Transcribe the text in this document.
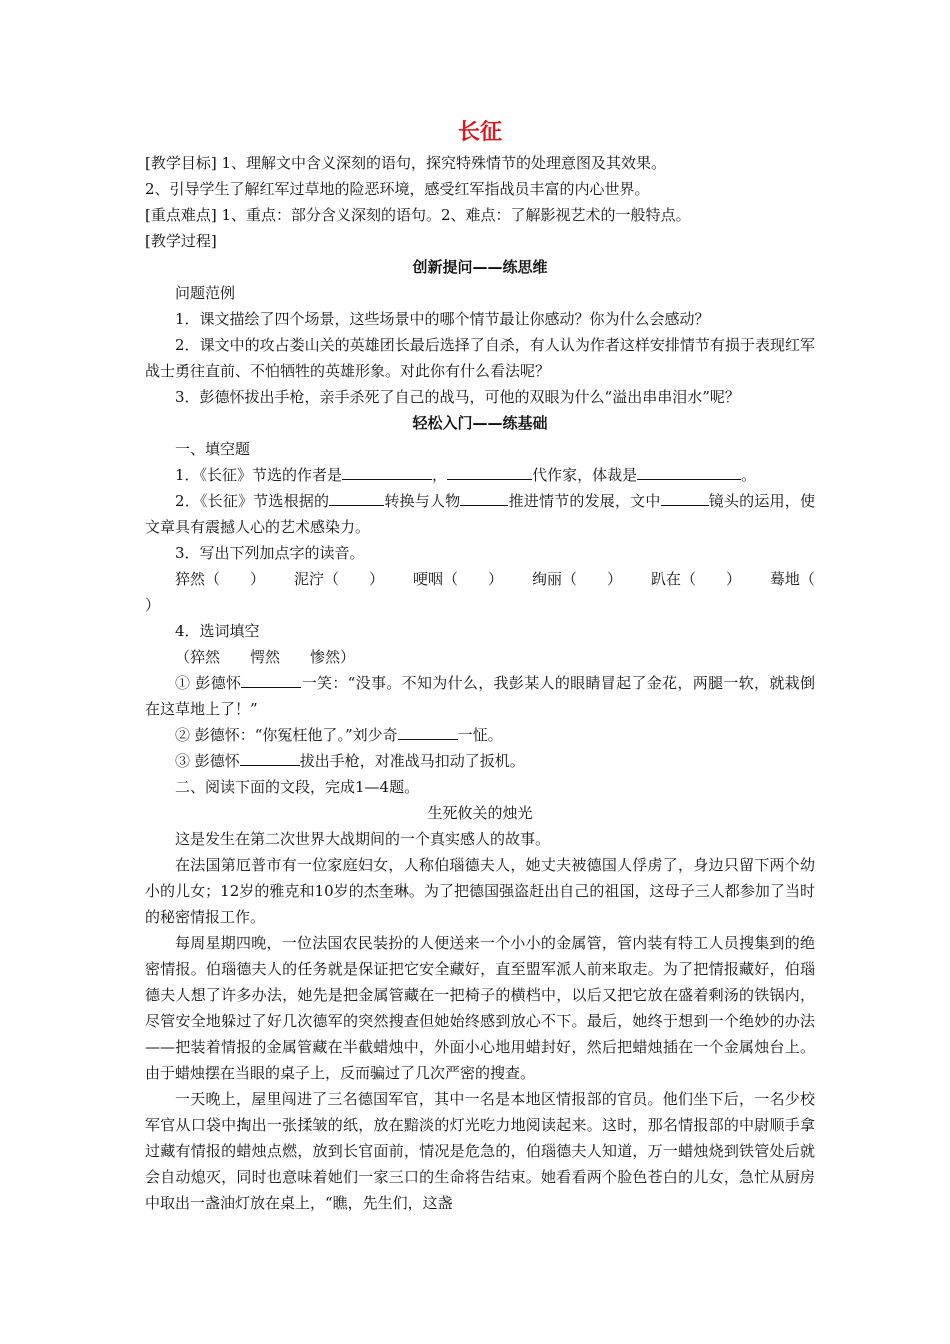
长征
[教学目标] 1、理解文中含义深刻的语句，探究特殊情节的处理意图及其效果。
2、引导学生了解红军过草地的险恶环境，感受红军指战员丰富的内心世界。
[重点难点] 1、重点：部分含义深刻的语句。2、难点：了解影视艺术的一般特点。
[教学过程]
创新提问——练思维
问题范例
1．课文描绘了四个场景，这些场景中的哪个情节最让你感动？你为什么会感动？
2．课文中的攻占娄山关的英雄团长最后选择了自杀，有人认为作者这样安排情节有损于表现红军战士勇往直前、不怕牺牲的英雄形象。对此你有什么看法呢？
3．彭德怀拔出手枪，亲手杀死了自己的战马，可他的双眼为什么“溢出串串泪水”呢？
轻松入门——练基础
一、填空题
1．《长征》节选的作者是	，	代作家，体裁是	。
2．《长征》节选根据的	转换与人物	推进情节的发展，文中	镜头的运用，使文章具有震撼人心的艺术感染力。
3．写出下列加点字的读音。
猝然（　　） 泥泞（　　） 哽咽（　　） 绚丽（　　） 趴在（　　） 蓦地（
）
4．选词填空
（猝然　　愕然　　惨然）
① 彭德怀	一笑：“没事。不知为什么，我彭某人的眼睛冒起了金花，两腿一软，就栽倒在这草地上了！”
② 彭德怀：“你冤枉他了。”刘少奇	一怔。
③ 彭德怀	拔出手枪，对准战马扣动了扳机。
二、阅读下面的文段，完成1—4题。
生死攸关的烛光
这是发生在第二次世界大战期间的一个真实感人的故事。
在法国第厄普市有一位家庭妇女，人称伯瑙德夫人，她丈夫被德国人俘虏了，身边只留下两个幼小的儿女；12岁的雅克和10岁的杰奎琳。为了把德国强盗赶出自己的祖国，这母子三人都参加了当时的秘密情报工作。
每周星期四晚，一位法国农民装扮的人便送来一个小小的金属管，管内装有特工人员搜集到的绝密情报。伯瑙德夫人的任务就是保证把它安全藏好，直至盟军派人前来取走。为了把情报藏好，伯瑙德夫人想了许多办法，她先是把金属管藏在一把椅子的横档中，以后又把它放在盛着剩汤的铁锅内，尽管安全地躲过了好几次德军的突然搜查但她始终感到放心不下。最后，她终于想到一个绝妙的办法——把装着情报的金属管藏在半截蜡烛中，外面小心地用蜡封好，然后把蜡烛插在一个金属烛台上。由于蜡烛摆在当眼的桌子上，反而骗过了几次严密的搜查。
一天晚上，屋里闯进了三名德国军官，其中一名是本地区情报部的官员。他们坐下后，一名少校军官从口袋中掏出一张揉皱的纸，放在黯淡的灯光吃力地阅读起来。这时，那名情报部的中尉顺手拿过藏有情报的蜡烛点燃，放到长官面前，情况是危急的，伯瑙德夫人知道，万一蜡烛烧到铁管处后就会自动熄灭，同时也意味着她们一家三口的生命将告结束。她看看两个脸色苍白的儿女，急忙从厨房中取出一盏油灯放在桌上，“瞧，先生们，这盏
